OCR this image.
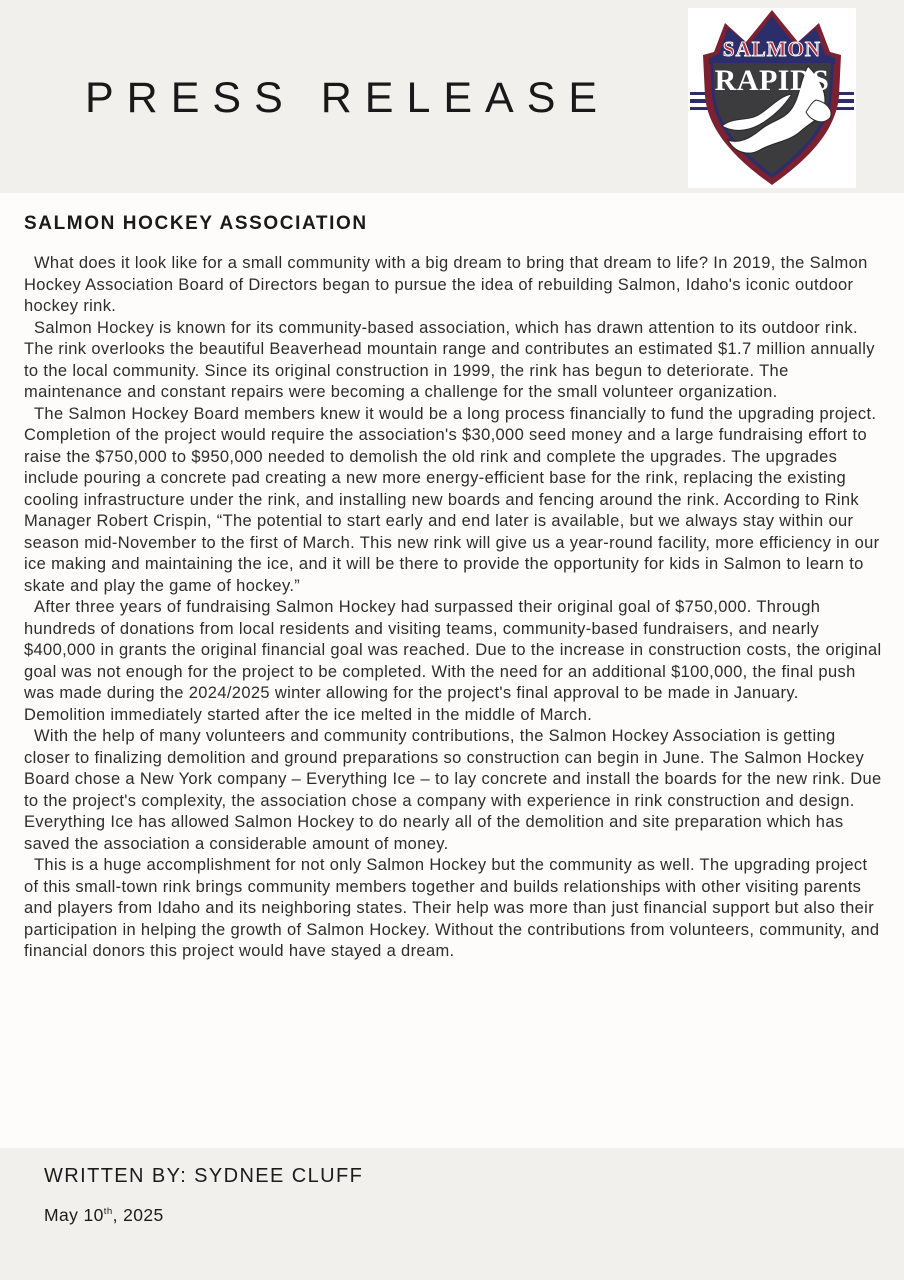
PRESS RELEASE
SALMON
RAPIDS
SALMON HOCKEY ASSOCIATION

What does it look like for a small community with a big dream to bring that dream to life? In 2019, the Salmon Hockey Association Board of Directors began to pursue the idea of rebuilding Salmon, Idaho's iconic outdoor hockey rink.

Salmon Hockey is known for its community-based association, which has drawn attention to its outdoor rink. The rink overlooks the beautiful Beaverhead mountain range and contributes an estimated $1.7 million annually to the local community. Since its original construction in 1999, the rink has begun to deteriorate. The maintenance and constant repairs were becoming a challenge for the small volunteer organization.

The Salmon Hockey Board members knew it would be a long process financially to fund the upgrading project. Completion of the project would require the association's $30,000 seed money and a large fundraising effort to raise the $750,000 to $950,000 needed to demolish the old rink and complete the upgrades. The upgrades include pouring a concrete pad creating a new more energy-efficient base for the rink, replacing the existing cooling infrastructure under the rink, and installing new boards and fencing around the rink. According to Rink Manager Robert Crispin, “The potential to start early and end later is available, but we always stay within our season mid-November to the first of March. This new rink will give us a year-round facility, more efficiency in our ice making and maintaining the ice, and it will be there to provide the opportunity for kids in Salmon to learn to skate and play the game of hockey.”

After three years of fundraising Salmon Hockey had surpassed their original goal of $750,000. Through hundreds of donations from local residents and visiting teams, community-based fundraisers, and nearly $400,000 in grants the original financial goal was reached. Due to the increase in construction costs, the original goal was not enough for the project to be completed. With the need for an additional $100,000, the final push was made during the 2024/2025 winter allowing for the project's final approval to be made in January. Demolition immediately started after the ice melted in the middle of March.

With the help of many volunteers and community contributions, the Salmon Hockey Association is getting closer to finalizing demolition and ground preparations so construction can begin in June. The Salmon Hockey Board chose a New York company – Everything Ice – to lay concrete and install the boards for the new rink. Due to the project's complexity, the association chose a company with experience in rink construction and design. Everything Ice has allowed Salmon Hockey to do nearly all of the demolition and site preparation which has saved the association a considerable amount of money.

This is a huge accomplishment for not only Salmon Hockey but the community as well. The upgrading project of this small-town rink brings community members together and builds relationships with other visiting parents and players from Idaho and its neighboring states. Their help was more than just financial support but also their participation in helping the growth of Salmon Hockey. Without the contributions from volunteers, community, and financial donors this project would have stayed a dream.

WRITTEN BY: SYDNEE CLUFF
May 10th, 2025
